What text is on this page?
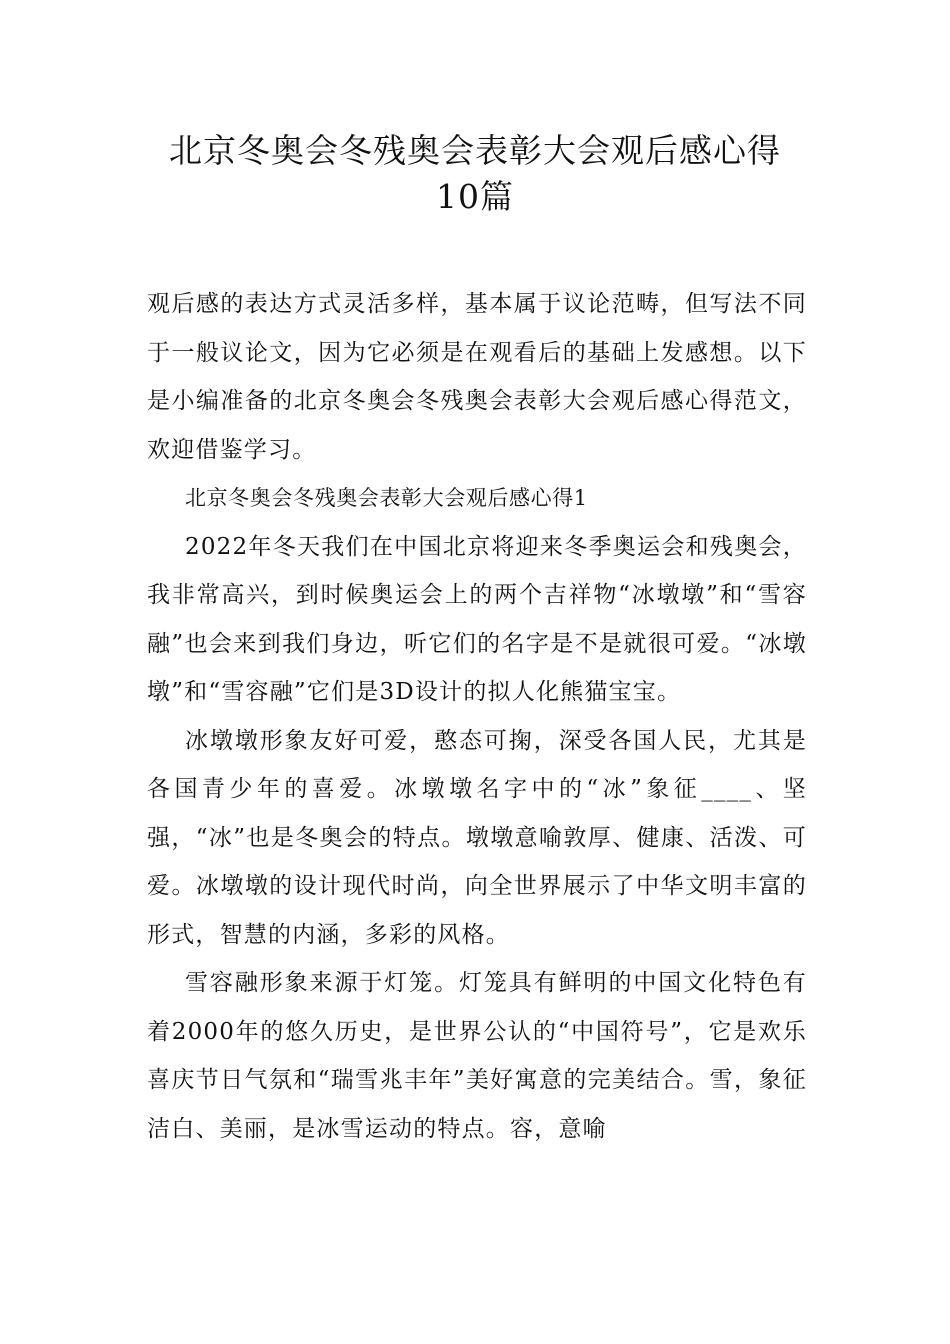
北京冬奥会冬残奥会表彰大会观后感心得
10篇

观后感的表达方式灵活多样，基本属于议论范畴，但写法不同于一般议论文，因为它必须是在观看后的基础上发感想。以下是小编准备的北京冬奥会冬残奥会表彰大会观后感心得范文，欢迎借鉴学习。

北京冬奥会冬残奥会表彰大会观后感心得1

2022年冬天我们在中国北京将迎来冬季奥运会和残奥会，我非常高兴，到时候奥运会上的两个吉祥物“冰墩墩”和“雪容融”也会来到我们身边，听它们的名字是不是就很可爱。“冰墩墩”和“雪容融”它们是3D设计的拟人化熊猫宝宝。

冰墩墩形象友好可爱，憨态可掬，深受各国人民，尤其是各国青少年的喜爱。冰墩墩名字中的“冰”象征____、坚强，“冰”也是冬奥会的特点。墩墩意喻敦厚、健康、活泼、可爱。冰墩墩的设计现代时尚，向全世界展示了中华文明丰富的形式，智慧的内涵，多彩的风格。

雪容融形象来源于灯笼。灯笼具有鲜明的中国文化特色有着2000年的悠久历史，是世界公认的“中国符号”，它是欢乐喜庆节日气氛和“瑞雪兆丰年”美好寓意的完美结合。雪，象征洁白、美丽，是冰雪运动的特点。容，意喻
